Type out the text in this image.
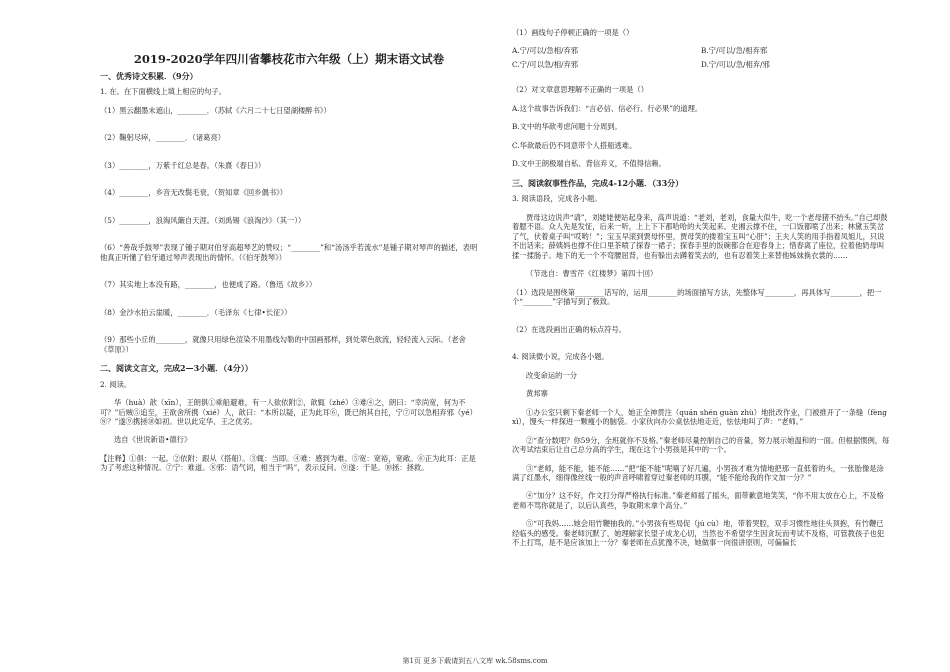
2019-2020学年四川省攀枝花市六年级（上）期末语文试卷
一、优秀诗文积累．（9分）
1. 在。在下面横线上填上相应的句子。
（1）黑云翻墨未遮山，________．（苏轼《六月二十七日望湖楼醉书》）
（2）鞠躬尽瘁，________．（诸葛亮）
（3）________，万紫千红总是春。（朱熹《春日》）
（4）________，乡音无改鬓毛衰。（贺知章《回乡偶书》）
（5）________，浪淘风簸自天涯。（刘禹锡《浪淘沙》（其一））
（6）“善哉乎鼓琴”表现了锺子期对伯牙高超琴艺的赞叹；“________”和“汤汤乎若流水”是锺子期对琴声的描述，表明他真正听懂了伯牙通过琴声表现出的情怀。（《伯牙鼓琴》）
（7）其实地上本没有路，________，也便成了路。（鲁迅《故乡》）
（8）金沙水拍云崖暖，________．（毛泽东《七律•长征》）
（9）那些小丘的________，就像只用绿色渲染不用墨线勾勒的中国画那样，到处翠色欲流，轻轻流入云际。（老舍《草原》）
二、阅读文言文，完成2—3小题．（4分））
2. 阅读。
华（huà）歆（xīn），王朗俱①乘船避难，有一人欲依附②，歆辄（zhé）③难④之，朗曰：“幸尚宽，何为不可？”后贼⑤追至，王欲舍所携（xié）人，歆曰：“本所以疑，正为此耳⑥，既已纳其自托，宁⑦可以急相弃邪（yé）⑧？”遂⑨携拯⑩如初。世以此定华、王之优劣。
选自《世说新语•德行》
【注释】①俱：一起。②依附：跟从（搭船）。③辄：当即。④难：感到为难。⑤宽：宽裕，宽敞。⑥正为此耳：正是为了考虑这种情况。⑦宁：难道。⑧邪：语气词，相当于“吗”，表示反问。⑨遂：于是。⑩拯：拯救。
（1）画线句子停顿正确的一项是（）
A.宁/可以/急相/弃邪	B.宁/可以/急/相弃邪
C.宁/可以急/相/弃邪	D.宁/可以/急/相弃/邪
（2）对文章意思理解不正确的一项是（）
A.这个故事告诉我们：“言必信、信必行、行必果”的道理。
B.文中的华歆考虑问题十分周到。
C.华歆最后仍不同意带个人搭船逃难。
D.文中王朗极端自私、背信弃义，不值得信赖。
三、阅读叙事性作品，完成4-12小题．（33分）
3. 阅读语段，完成各小题。
贾母这边说声“请”，刘姥姥便站起身来，高声说道：“老刘，老刘，食量大似牛，吃一个老母猪不抬头。”自己却鼓着腮不语。众人先是发怔，后来一听，上上下下都哈哈的大笑起来。史湘云撑不住，一口饭都喷了出来；林黛玉笑岔了气，伏着桌子叫“哎哟！”；宝玉早滚到贾母怀里，贾母笑的搂着宝玉叫“心肝”；王夫人笑的用手指着凤姐儿，只说不出话来；薛姨妈也撑不住口里茶喷了探春一裙子；探春手里的饭碗都合在迎春身上；惜春离了座位，拉着他奶母叫揉一揉肠子。地下的无一个不弯腰屈背，也有躲出去蹲着笑去的，也有忍着笑上来替他姊妹换衣裳的……
（节选自：曹雪芹《红楼梦》第四十回）
（1）选段是围绕第________话写的，运用________的场面描写方法，先整体写________，再具体写________，把一个“________”字描写到了极致。
（2）在选段画出正确的标点符号。
4. 阅读微小说，完成各小题。
改变命运的一分
黄邦寨
①办公室只剩下秦老师一个人，她正全神贯注（quán shén guàn zhù）地批改作业，门被推开了一条缝（fèng xì），馒头一样探进一颗瘦小的脑袋。小家伙向办公桌怯怯地走近，怯怯地叫了声：“老师。”
②“查分数吧？你59分，全班就你不及格。”秦老师尽量控制自己的音量，努力展示她温和的一面。但根据惯例，每次考试结束后让自己总分高的学生，现在这个小男孩是其中的一个。
③“老师，能不能，能不能……”把“能不能”呢喃了好几遍，小男孩才难为情地把那一直低着的头，一张胎像是涂满了红墨水，细得像丝线一般的声音呼啸着穿过秦老师的耳膜，“能不能给我的作文加一分？”
④“加分？这不好，作文打分得严格执行标准。”秦老师摇了摇头，面带歉意地笑笑，“你不用太放在心上，不及格老师不骂你就是了，以后认真些，争取期末拿个高分。”
⑤“可我妈……她会用竹鞭抽我的。”小男孩有些局促（jú cù）地，带着哭腔，双手习惯性地往头顶抱，有竹鞭已经临头的感受。秦老师沉默了，她理解家长望子成龙心切，当然也不希望学生因贪玩而考试不及格，可管教孩子也犯不上打骂，是不是应该加上一分？秦老师在点犹豫不决，她做事一向很讲原则，可偏偏长
第1页 更多下载请到五八文库 wk.58sms.com
